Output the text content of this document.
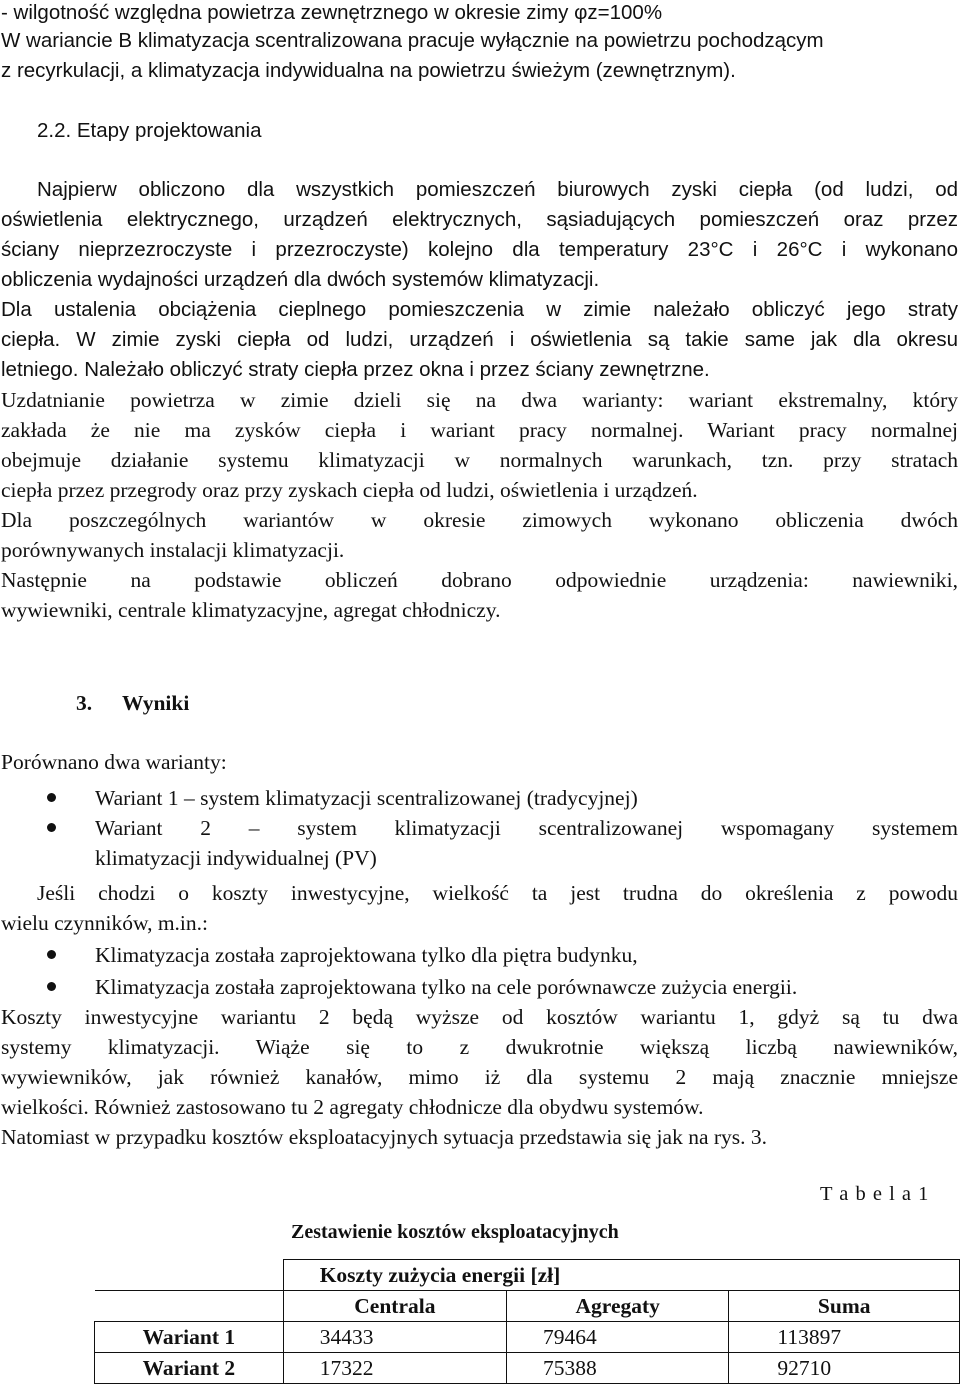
- wilgotność względna powietrza zewnętrznego w okresie zimy φz=100%
W wariancie B klimatyzacja scentralizowana pracuje wyłącznie na powietrzu pochodzącym
z recyrkulacji, a klimatyzacja indywidualna na powietrzu świeżym (zewnętrznym).
2.2. Etapy projektowania
Najpierw obliczono dla wszystkich pomieszczeń biurowych zyski ciepła (od ludzi, od
oświetlenia elektrycznego, urządzeń elektrycznych, sąsiadujących pomieszczeń oraz przez
ściany nieprzezroczyste i przezroczyste) kolejno dla temperatury 23°C i 26°C i wykonano
obliczenia wydajności urządzeń dla dwóch systemów klimatyzacji.
Dla ustalenia obciążenia cieplnego pomieszczenia w zimie należało obliczyć jego straty
ciepła. W zimie zyski ciepła od ludzi, urządzeń i oświetlenia są takie same jak dla okresu
letniego. Należało obliczyć straty ciepła przez okna i przez ściany zewnętrzne.
Uzdatnianie powietrza w zimie dzieli się na dwa warianty: wariant ekstremalny, który
zakłada że nie ma zysków ciepła i wariant pracy normalnej. Wariant pracy normalnej
obejmuje działanie systemu klimatyzacji w normalnych warunkach, tzn. przy stratach
ciepła przez przegrody oraz przy zyskach ciepła od ludzi, oświetlenia i urządzeń.
Dla poszczególnych wariantów w okresie zimowych wykonano obliczenia dwóch
porównywanych instalacji klimatyzacji.
Następnie na podstawie obliczeń dobrano odpowiednie urządzenia: nawiewniki,
wywiewniki, centrale klimatyzacyjne, agregat chłodniczy.
3. Wyniki
Porównano dwa warianty:
Wariant 1 – system klimatyzacji scentralizowanej (tradycyjnej)
Wariant 2 – system klimatyzacji scentralizowanej wspomagany systemem
klimatyzacji indywidualnej (PV)
Jeśli chodzi o koszty inwestycyjne, wielkość ta jest trudna do określenia z powodu
wielu czynników, m.in.:
Klimatyzacja została zaprojektowana tylko dla piętra budynku,
Klimatyzacja została zaprojektowana tylko na cele porównawcze zużycia energii.
Koszty inwestycyjne wariantu 2 będą wyższe od kosztów wariantu 1, gdyż są tu dwa
systemy klimatyzacji. Wiąże się to z dwukrotnie większą liczbą nawiewników,
wywiewników, jak również kanałów, mimo iż dla systemu 2 mają znacznie mniejsze
wielkości. Również zastosowano tu 2 agregaty chłodnicze dla obydwu systemów.
Natomiast w przypadku kosztów eksploatacyjnych sytuacja przedstawia się jak na rys. 3.
T a b e l a 1
Zestawienie kosztów eksploatacyjnych
	Koszty zużycia energii [zł]		
	Centrala	Agregaty	Suma
Wariant 1	34433	79464	113897
Wariant 2	17322	75388	92710
